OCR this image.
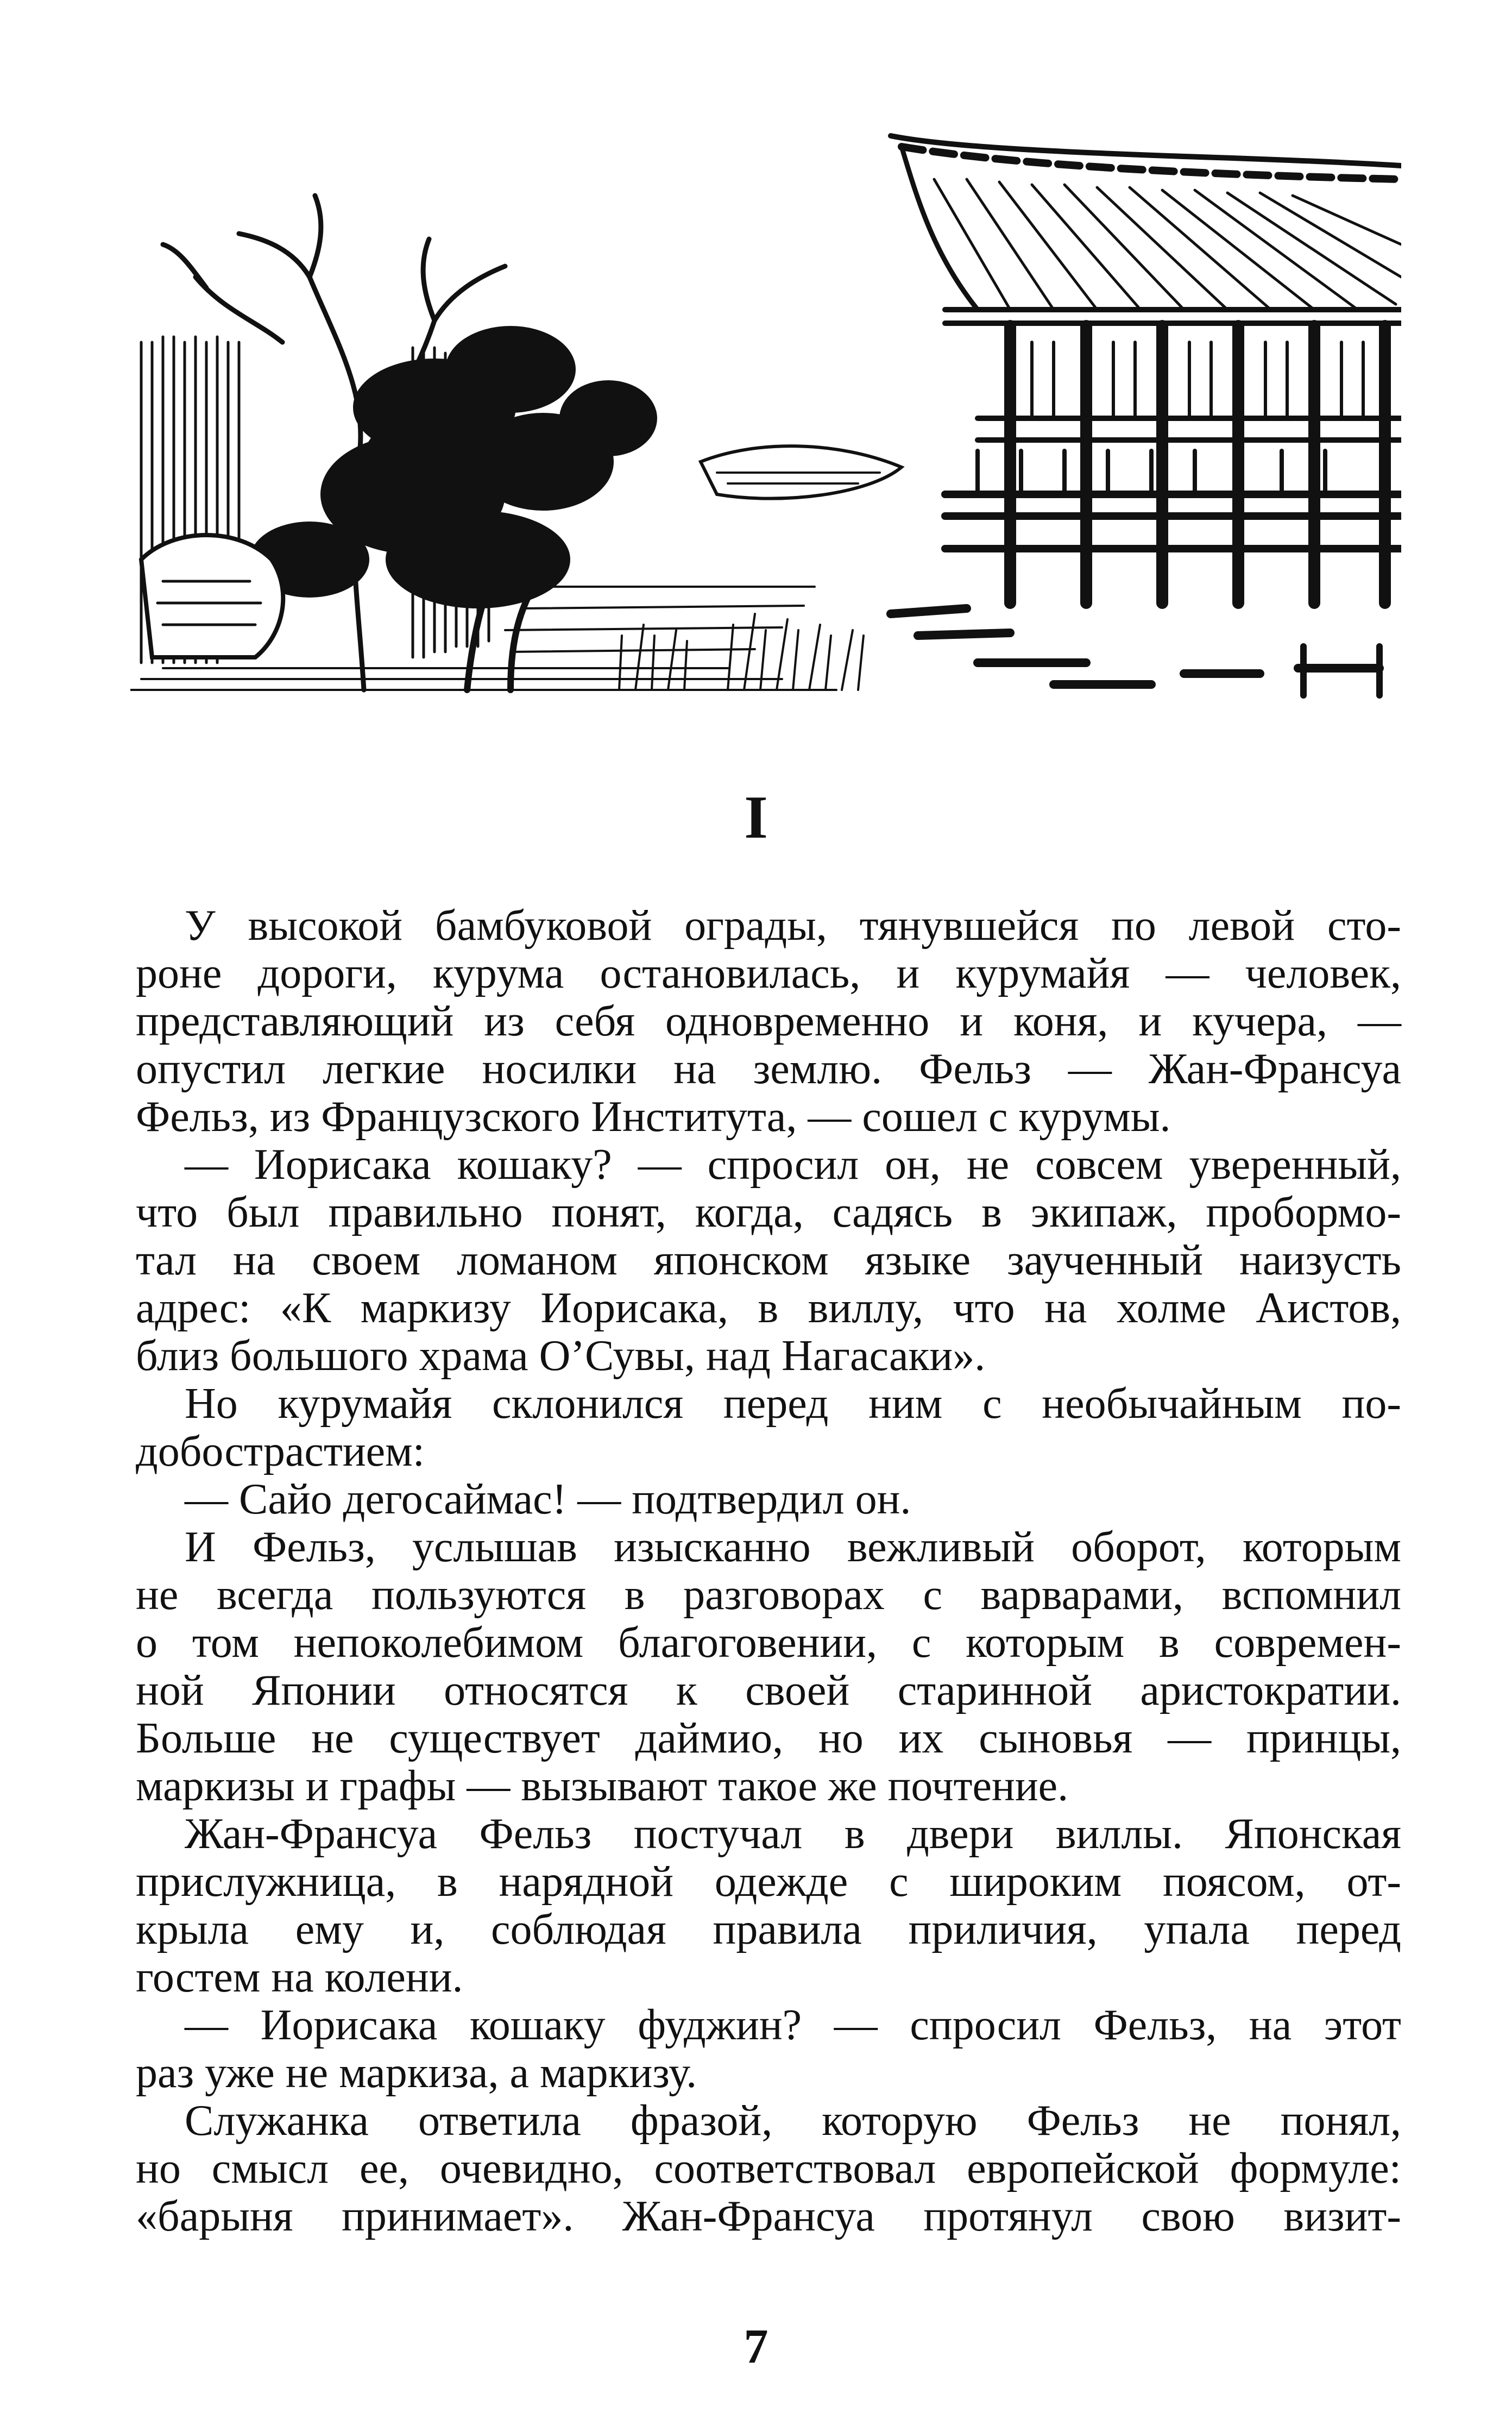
I
У высокой бамбуковой ограды, тянувшейся по левой сто-
роне дороги, курума остановилась, и курумайя — человек,
представляющий из себя одновременно и коня, и кучера, —
опустил легкие носилки на землю. Фельз — Жан-Франсуа
Фельз, из Французского Института, — сошел с курумы.
— Иорисака кошаку? — спросил он, не совсем уверенный,
что был правильно понят, когда, садясь в экипаж, пробормо-
тал на своем ломаном японском языке заученный наизусть
адрес: «К маркизу Иорисака, в виллу, что на холме Аистов,
близ большого храма О’Сувы, над Нагасаки».
Но курумайя склонился перед ним с необычайным по-
добострастием:
— Сайо дегосаймас! — подтвердил он.
И Фельз, услышав изысканно вежливый оборот, которым
не всегда пользуются в разговорах с варварами, вспомнил
о том непоколебимом благоговении, с которым в современ-
ной Японии относятся к своей старинной аристократии.
Больше не существует даймио, но их сыновья — принцы,
маркизы и графы — вызывают такое же почтение.
Жан-Франсуа Фельз постучал в двери виллы. Японская
прислужница, в нарядной одежде с широким поясом, от-
крыла ему и, соблюдая правила приличия, упала перед
гостем на колени.
— Иорисака кошаку фуджин? — спросил Фельз, на этот
раз уже не маркиза, а маркизу.
Служанка ответила фразой, которую Фельз не понял,
но смысл ее, очевидно, соответствовал европейской формуле:
«барыня принимает». Жан-Франсуа протянул свою визит-
7
